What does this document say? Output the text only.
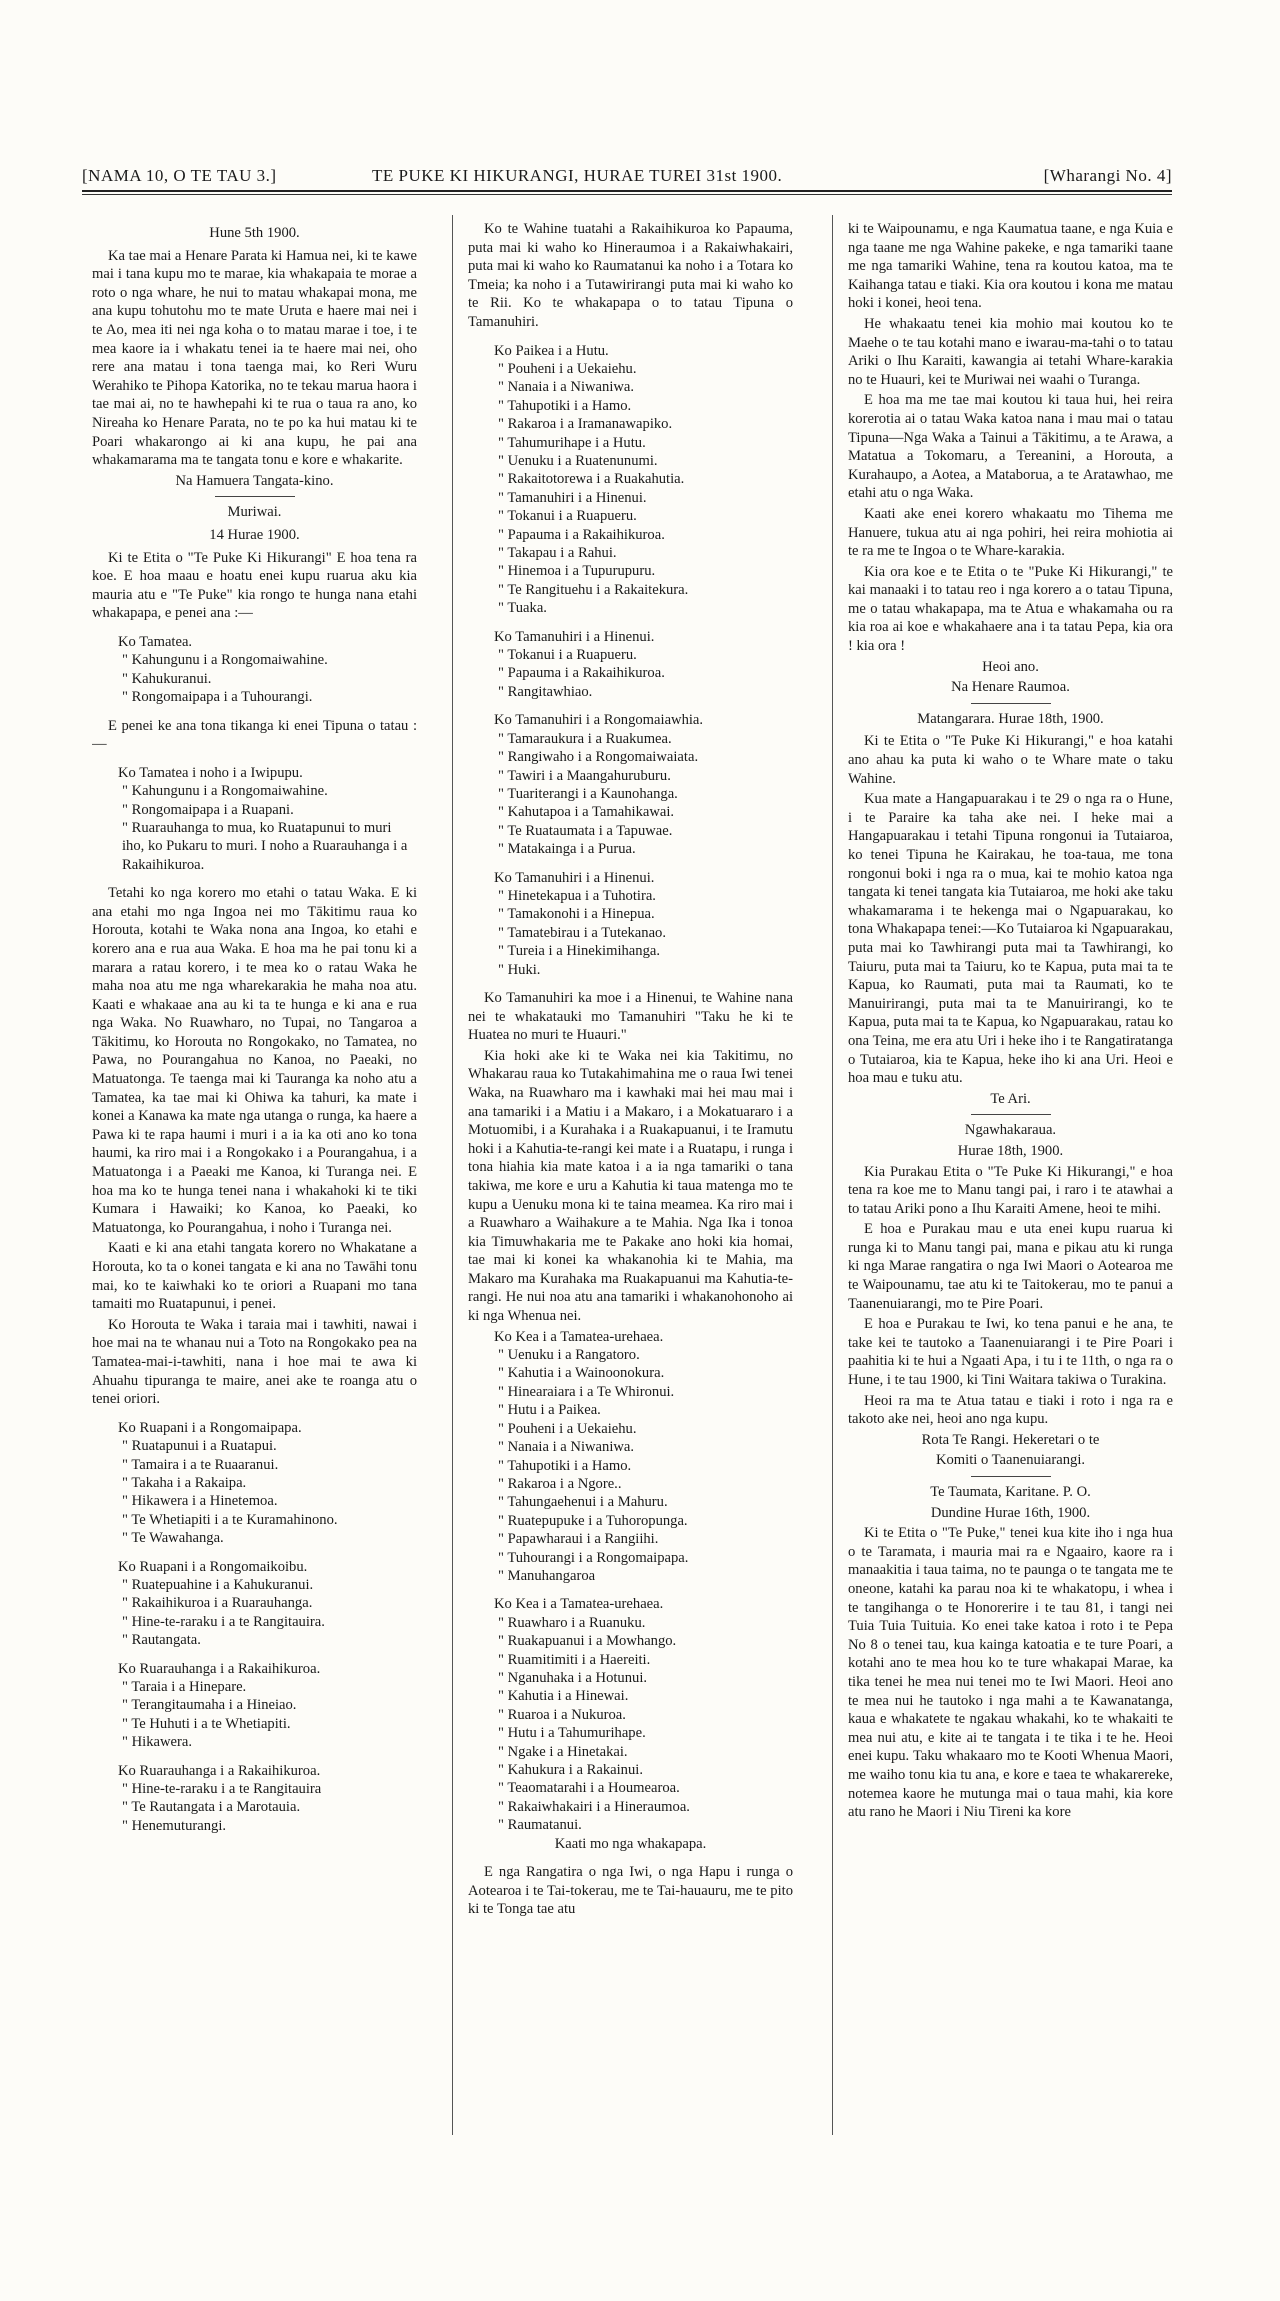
[NAMA 10, O TE TAU 3.]	TE PUKE KI HIKURANGI, HURAE TUREI 31st 1900.	[Wharangi No. 4]
Hune 5th 1900.

Ka tae mai a Henare Parata ki Hamua nei, ki te kawe mai i tana kupu mo te marae, kia whakapaia te morae a roto o nga whare, he nui to matau whakapai mona, me ana kupu tohutohu mo te mate Uruta e haere mai nei i te Ao, mea iti nei nga koha o to matau marae i toe, i te mea kaore ia i whakatu tenei ia te haere mai nei, oho rere ana matau i tona taenga mai, ko Reri Wuru Werahiko te Pihopa Katorika, no te tekau marua haora i tae mai ai, no te hawhepahi ki te rua o taua ra ano, ko Nireaha ko Henare Parata, no te po ka hui matau ki te Poari whakarongo ai ki ana kupu, he pai ana whakamarama ma te tangata tonu e kore e whakarite.

Na Hamuera Tangata-kino.
Muriwai.
14 Hurae 1900.

Ki te Etita o "Te Puke Ki Hikurangi" E hoa tena ra koe. E hoa maau e hoatu enei kupu ruarua aku kia mauria atu e "Te Puke" kia rongo te hunga nana etahi whakapapa, e penei ana :—

Ko Tamatea.
" Kahungunu i a Rongomaiwahine.
" Kahukuranui.
" Rongomaipapa i a Tuhourangi.

E penei ke ana tona tikanga ki enei Tipuna o tatau :—

Ko Tamatea i noho i a Iwipupu.
" Kahungunu i a Rongomaiwahine.
" Rongomaipapa i a Ruapani.
" Ruarauhanga to mua, ko Ruatapunui to muri iho, ko Pukaru to muri. I noho a Ruarauhanga i a Rakaihikuroa.

Tetahi ko nga korero mo etahi o tatau Waka. E ki ana etahi mo nga Ingoa nei mo Tākitimu raua ko Horouta, kotahi te Waka nona ana Ingoa, ko etahi e korero ana e rua aua Waka. E hoa ma he pai tonu ki a marara a ratau korero, i te mea ko o ratau Waka he maha noa atu me nga wharekarakia he maha noa atu. Kaati e whakaae ana au ki ta te hunga e ki ana e rua nga Waka. No Ruawharo, no Tupai, no Tangaroa a Tākitimu, ko Horouta no Rongokako, no Tamatea, no Pawa, no Pourangahua no Kanoa, no Paeaki, no Matuatonga. Te taenga mai ki Tauranga ka noho atu a Tamatea, ka tae mai ki Ohiwa ka tahuri, ka mate i konei a Kanawa ka mate nga utanga o runga, ka haere a Pawa ki te rapa haumi i muri i a ia ka oti ano ko tona haumi, ka riro mai i a Rongokako i a Pourangahua, i a Matuatonga i a Paeaki me Kanoa, ki Turanga nei. E hoa ma ko te hunga tenei nana i whakahoki ki te tiki Kumara i Hawaiki; ko Kanoa, ko Paeaki, ko Matuatonga, ko Pourangahua, i noho i Turanga nei.

Kaati e ki ana etahi tangata korero no Whakatane a Horouta, ko ta o konei tangata e ki ana no Tawāhi tonu mai, ko te kaiwhaki ko te oriori a Ruapani mo tana tamaiti mo Ruatapunui, i penei.

Ko Horouta te Waka i taraia mai i tawhiti, nawai i hoe mai na te whanau nui a Toto na Rongokako pea na Tamatea-mai-i-tawhiti, nana i hoe mai te awa ki Ahuahu tipuranga te maire, anei ake te roanga atu o tenei oriori.

Ko Ruapani i a Rongomaipapa.
" Ruatapunui i a Ruatapui.
" Tamaira i a te Ruaaranui.
" Takaha i a Rakaipa.
" Hikawera i a Hinetemoa.
" Te Whetiapiti i a te Kuramahinono.
" Te Wawahanga.
Ko Ruapani i a Rongomaikoibu.
" Ruatepuahine i a Kahukuranui.
" Rakaihikuroa i a Ruarauhanga.
" Hine-te-raraku i a te Rangitauira.
" Rautangata.
Ko Ruarauhanga i a Rakaihikuroa.
" Taraia i a Hinepare.
" Terangitaumaha i a Hineiao.
" Te Huhuti i a te Whetiapiti.
" Hikawera.
Ko Ruarauhanga i a Rakaihikuroa.
" Hine-te-raraku i a te Rangitauira
" Te Rautangata i a Marotauia.
" Henemuturangi.

Ko te Wahine tuatahi a Rakaihikuroa ko Papauma, puta mai ki waho ko Hineraumoa i a Rakaiwhakairi, puta mai ki waho ko Raumatanui ka noho i a Totara ko Tmeia; ka noho i a Tutawirirangi puta mai ki waho ko te Rii. Ko te whakapapa o to tatau Tipuna o Tamanuhiri.

Ko Paikea i a Hutu.
" Pouheni i a Uekaiehu.
" Nanaia i a Niwaniwa.
" Tahupotiki i a Hamo.
" Rakaroa i a Iramanawapiko.
" Tahumurihape i a Hutu.
" Uenuku i a Ruatenunumi.
" Rakaitotorewa i a Ruakahutia.
" Tamanuhiri i a Hinenui.
" Tokanui i a Ruapueru.
" Papauma i a Rakaihikuroa.
" Takapau i a Rahui.
" Hinemoa i a Tupurupuru.
" Te Rangituehu i a Rakaitekura.
" Tuaka.
Ko Tamanuhiri i a Hinenui.
" Tokanui i a Ruapueru.
" Papauma i a Rakaihikuroa.
" Rangitawhiao.
Ko Tamanuhiri i a Rongomaiawhia.
" Tamaraukura i a Ruakumea.
" Rangiwaho i a Rongomaiwaiata.
" Tawiri i a Maangahuruburu.
" Tuariterangi i a Kaunohanga.
" Kahutapoa i a Tamahikawai.
" Te Ruataumata i a Tapuwae.
" Matakainga i a Purua.
Ko Tamanuhiri i a Hinenui.
" Hinetekapua i a Tuhotira.
" Tamakonohi i a Hinepua.
" Tamatebirau i a Tutekanao.
" Tureia i a Hinekimihanga.
" Huki.

Ko Tamanuhiri ka moe i a Hinenui, te Wahine nana nei te whakatauki mo Tamanuhiri "Taku he ki te Huatea no muri te Huauri."

Kia hoki ake ki te Waka nei kia Takitimu, no Whakarau raua ko Tutakahimahina me o raua Iwi tenei Waka, na Ruawharo ma i kawhaki mai hei mau mai i ana tamariki i a Matiu i a Makaro, i a Mokatuararo i a Motuomibi, i a Kurahaka i a Ruakapuanui, i te Iramutu hoki i a Kahutia-te-rangi kei mate i a Ruatapu, i runga i tona hiahia kia mate katoa i a ia nga tamariki o tana takiwa, me kore e uru a Kahutia ki taua matenga mo te kupu a Uenuku mona ki te taina meamea. Ka riro mai i a Ruawharo a Waihakure a te Mahia. Nga Ika i tonoa kia Timuwhakaria me te Pakake ano hoki kia homai, tae mai ki konei ka whakanohia ki te Mahia, ma Makaro ma Kurahaka ma Ruakapuanui ma Kahutia-te-rangi. He nui noa atu ana tamariki i whakanohonoho ai ki nga Whenua nei.

Ko Kea i a Tamatea-urehaea.
" Uenuku i a Rangatoro.
" Kahutia i a Wainoonokura.
" Hinearaiara i a Te Whironui.
" Hutu i a Paikea.
" Pouheni i a Uekaiehu.
" Nanaia i a Niwaniwa.
" Tahupotiki i a Hamo.
" Rakaroa i a Ngore..
" Tahungaehenui i a Mahuru.
" Ruatepupuke i a Tuhoropunga.
" Papawharaui i a Rangiihi.
" Tuhourangi i a Rongomaipapa.
" Manuhangaroa
Ko Kea i a Tamatea-urehaea.
" Ruawharo i a Ruanuku.
" Ruakapuanui i a Mowhango.
" Ruamitimiti i a Haereiti.
" Nganuhaka i a Hotunui.
" Kahutia i a Hinewai.
" Ruaroa i a Nukuroa.
" Hutu i a Tahumurihape.
" Ngake i a Hinetakai.
" Kahukura i a Rakainui.
" Teaomatarahi i a Houmearoa.
" Rakaiwhakairi i a Hineraumoa.
" Raumatanui.
Kaati mo nga whakapapa.

E nga Rangatira o nga Iwi, o nga Hapu i runga o Aotearoa i te Tai-tokerau, me te Tai-hauauru, me te pito ki te Tonga tae atu

ki te Waipounamu, e nga Kaumatua taane, e nga Kuia e nga taane me nga Wahine pakeke, e nga tamariki taane me nga tamariki Wahine, tena ra koutou katoa, ma te Kaihanga tatau e tiaki. Kia ora koutou i kona me matau hoki i konei, heoi tena.

He whakaatu tenei kia mohio mai koutou ko te Maehe o te tau kotahi mano e iwarau-ma-tahi o to tatau Ariki o Ihu Karaiti, kawangia ai tetahi Whare-karakia no te Huauri, kei te Muriwai nei waahi o Turanga.

E hoa ma me tae mai koutou ki taua hui, hei reira korerotia ai o tatau Waka katoa nana i mau mai o tatau Tipuna—Nga Waka a Tainui a Tākitimu, a te Arawa, a Matatua a Tokomaru, a Tereanini, a Horouta, a Kurahaupo, a Aotea, a Mataborua, a te Aratawhao, me etahi atu o nga Waka.

Kaati ake enei korero whakaatu mo Tihema me Hanuere, tukua atu ai nga pohiri, hei reira mohiotia ai te ra me te Ingoa o te Whare-karakia.

Kia ora koe e te Etita o te "Puke Ki Hikurangi," te kai manaaki i to tatau reo i nga korero a o tatau Tipuna, me o tatau whakapapa, ma te Atua e whakamaha ou ra kia roa ai koe e whakahaere ana i ta tatau Pepa, kia ora ! kia ora !

Heoi ano.
Na Henare Raumoa.
Matangarara. Hurae 18th, 1900.

Ki te Etita o "Te Puke Ki Hikurangi," e hoa katahi ano ahau ka puta ki waho o te Whare mate o taku Wahine.

Kua mate a Hangapuarakau i te 29 o nga ra o Hune, i te Paraire ka taha ake nei. I heke mai a Hangapuarakau i tetahi Tipuna rongonui ia Tutaiaroa, ko tenei Tipuna he Kairakau, he toa-taua, me tona rongonui boki i nga ra o mua, kai te mohio katoa nga tangata ki tenei tangata kia Tutaiaroa, me hoki ake taku whakamarama i te hekenga mai o Ngapuarakau, ko tona Whakapapa tenei:—Ko Tutaiaroa ki Ngapuarakau, puta mai ko Tawhirangi puta mai ta Tawhirangi, ko Taiuru, puta mai ta Taiuru, ko te Kapua, puta mai ta te Kapua, ko Raumati, puta mai ta Raumati, ko te Manuirirangi, puta mai ta te Manuirirangi, ko te Kapua, puta mai ta te Kapua, ko Ngapuarakau, ratau ko ona Teina, me era atu Uri i heke iho i te Rangatiratanga o Tutaiaroa, kia te Kapua, heke iho ki ana Uri. Heoi e hoa mau e tuku atu.

Te Ari.
Ngawhakaraua.
Hurae 18th, 1900.

Kia Purakau Etita o "Te Puke Ki Hikurangi," e hoa tena ra koe me to Manu tangi pai, i raro i te atawhai a to tatau Ariki pono a Ihu Karaiti Amene, heoi te mihi.

E hoa e Purakau mau e uta enei kupu ruarua ki runga ki to Manu tangi pai, mana e pikau atu ki runga ki nga Marae rangatira o nga Iwi Maori o Aotearoa me te Waipounamu, tae atu ki te Taitokerau, mo te panui a Taanenuiarangi, mo te Pire Poari.

E hoa e Purakau te Iwi, ko tena panui e he ana, te take kei te tautoko a Taanenuiarangi i te Pire Poari i paahitia ki te hui a Ngaati Apa, i tu i te 11th, o nga ra o Hune, i te tau 1900, ki Tini Waitara takiwa o Turakina.

Heoi ra ma te Atua tatau e tiaki i roto i nga ra e takoto ake nei, heoi ano nga kupu.

Rota Te Rangi. Hekeretari o te
Komiti o Taanenuiarangi.
Te Taumata, Karitane. P. O.
Dundine Hurae 16th, 1900.

Ki te Etita o "Te Puke," tenei kua kite iho i nga hua o te Taramata, i mauria mai ra e Ngaairo, kaore ra i manaakitia i taua taima, no te paunga o te tangata me te oneone, katahi ka parau noa ki te whakatopu, i whea i te tangihanga o te Honorerire i te tau 81, i tangi nei Tuia Tuia Tuituia. Ko enei take katoa i roto i te Pepa No 8 o tenei tau, kua kainga katoatia e te ture Poari, a kotahi ano te mea hou ko te ture whakapai Marae, ka tika tenei he mea nui tenei mo te Iwi Maori. Heoi ano te mea nui he tautoko i nga mahi a te Kawanatanga, kaua e whakatete te ngakau whakahi, ko te whakaiti te mea nui atu, e kite ai te tangata i te tika i te he. Heoi enei kupu. Taku whakaaro mo te Kooti Whenua Maori, me waiho tonu kia tu ana, e kore e taea te whakarereke, notemea kaore he mutunga mai o taua mahi, kia kore atu rano he Maori i Niu Tireni ka kore
